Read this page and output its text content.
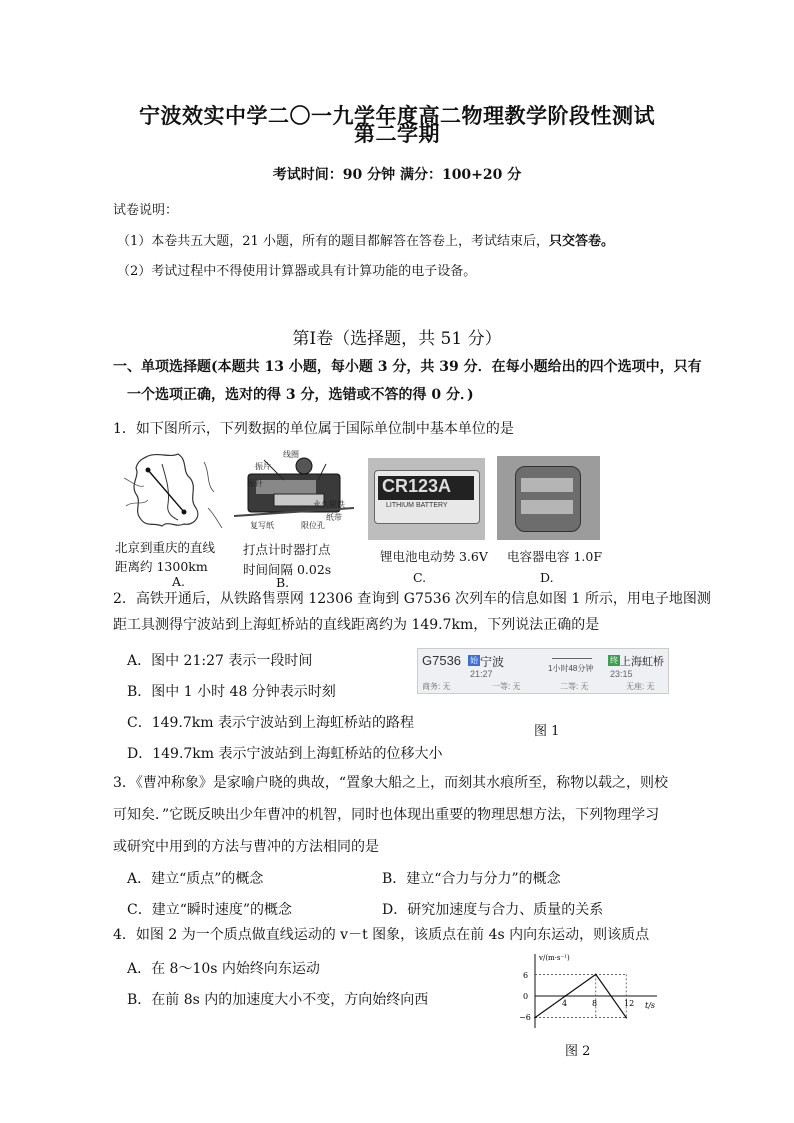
宁波效实中学二〇一九学年度高二物理教学阶段性测试
第二学期
考试时间：90 分钟 满分：100+20 分
试卷说明：
（1）本卷共五大题，21 小题，所有的题目都解答在答卷上，考试结束后，只交答卷。
（2）考试过程中不得使用计算器或具有计算功能的电子设备。
第Ⅰ卷（选择题，共 51 分）
一、单项选择题(本题共 13 小题，每小题 3 分，共 39 分．在每小题给出的四个选项中，只有
一个选项正确，选对的得 3 分，选错或不答的得 0 分．)
1．如下图所示，下列数据的单位属于国际单位制中基本单位的是
北京到重庆的直线
距离约 1300km
A.
线圈
振片
振针
永久磁铁
限位孔
复写纸
纸带
打点计时器打点
时间间隔 0.02s
B.
CR123A
LITHIUM BATTERY
锂电池电动势 3.6V
C.
电容器电容 1.0F
D.
2．高铁开通后，从铁路售票网 12306 查询到 G7536 次列车的信息如图 1 所示，用电子地图测
距工具测得宁波站到上海虹桥站的直线距离约为 149.7km，下列说法正确的是
A．图中 21:27 表示一段时间
B．图中 1 小时 48 分钟表示时刻
C．149.7km 表示宁波站到上海虹桥站的路程
D．149.7km 表示宁波站到上海虹桥站的位移大小
G7536 始 宁波
21:27
1小时48分钟
终 上海虹桥
23:15
商务: 无	一等: 无	二等: 无	无座: 无
图 1
3．《曹冲称象》是家喻户晓的典故，“置象大船之上，而刻其水痕所至，称物以载之，则校
可知矣．”它既反映出少年曹冲的机智，同时也体现出重要的物理思想方法，下列物理学习
或研究中用到的方法与曹冲的方法相同的是
A．建立“质点”的概念	B．建立“合力与分力”的概念
C．建立“瞬时速度”的概念	D．研究加速度与合力、质量的关系
4．如图 2 为一个质点做直线运动的 v－t 图象，该质点在前 4s 内向东运动，则该质点
A．在 8～10s 内始终向东运动
B．在前 8s 内的加速度大小不变，方向始终向西
v/(m·s⁻¹)
t/s
6
0
−6
4	8	12
图 2
